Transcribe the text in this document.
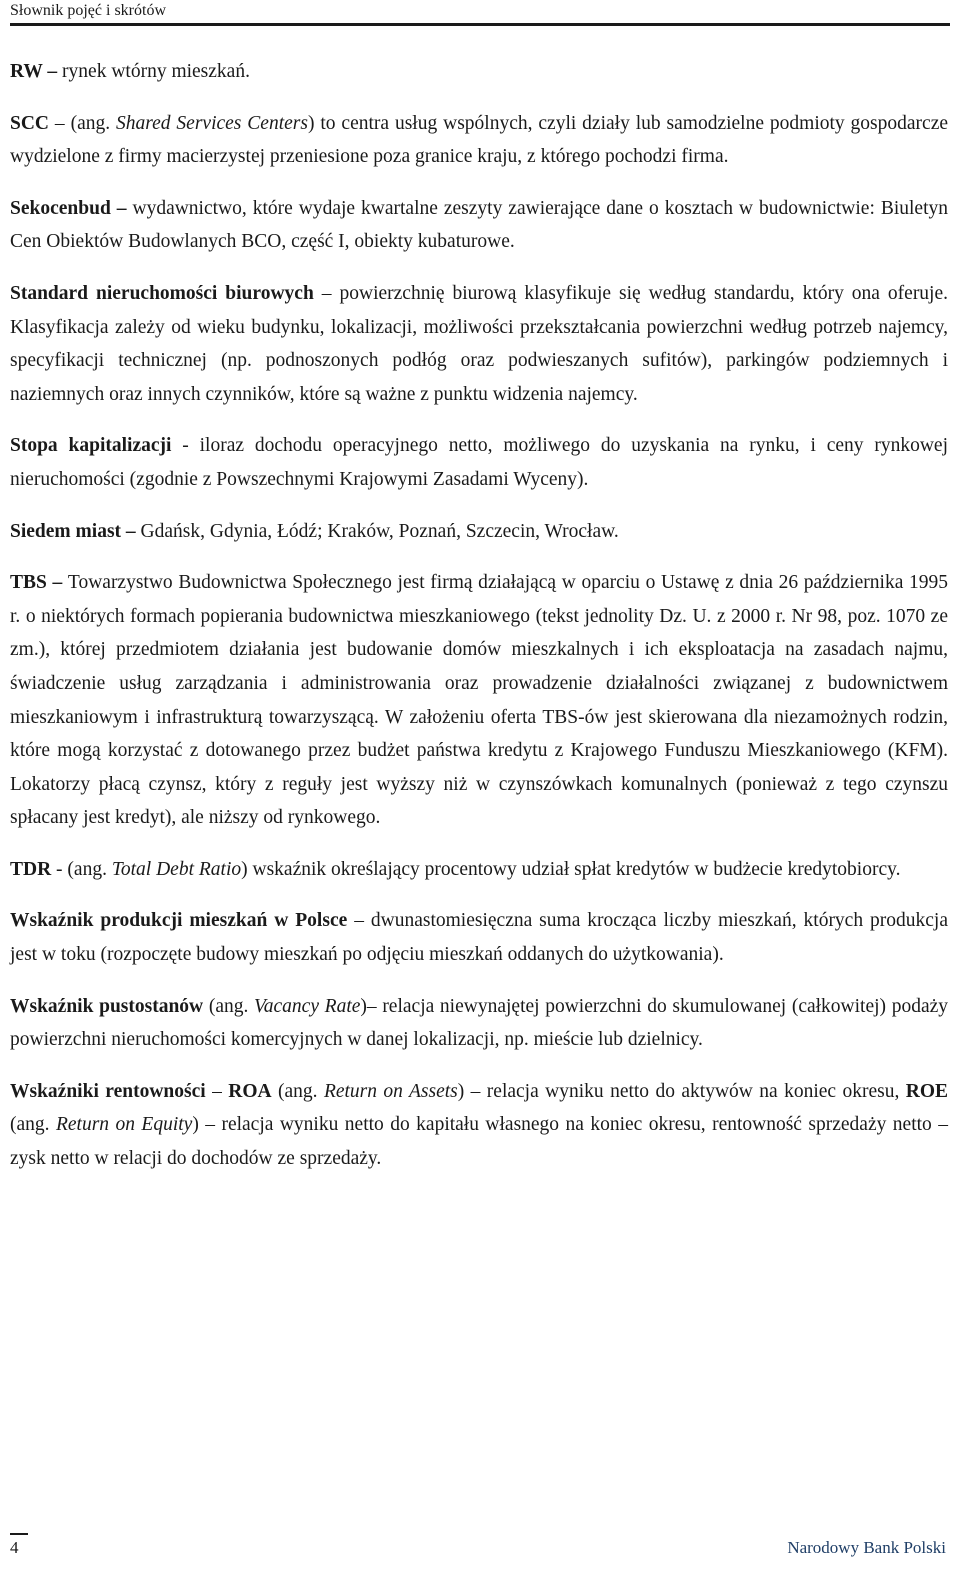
Słownik pojęć i skrótów

RW – rynek wtórny mieszkań.

SCC – (ang. Shared Services Centers) to centra usług wspólnych, czyli działy lub samodzielne podmioty gospodarcze wydzielone z firmy macierzystej przeniesione poza granice kraju, z którego pochodzi firma.

Sekocenbud – wydawnictwo, które wydaje kwartalne zeszyty zawierające dane o kosztach w budownictwie: Biuletyn Cen Obiektów Budowlanych BCO, część I, obiekty kubaturowe.

Standard nieruchomości biurowych – powierzchnię biurową klasyfikuje się według standardu, który ona oferuje. Klasyfikacja zależy od wieku budynku, lokalizacji, możliwości przekształcania powierzchni według potrzeb najemcy, specyfikacji technicznej (np. podnoszonych podłóg oraz podwieszanych sufitów), parkingów podziemnych i naziemnych oraz innych czynników, które są ważne z punktu widzenia najemcy.

Stopa kapitalizacji - iloraz dochodu operacyjnego netto, możliwego do uzyskania na rynku, i ceny rynkowej nieruchomości (zgodnie z Powszechnymi Krajowymi Zasadami Wyceny).

Siedem miast – Gdańsk, Gdynia, Łódź; Kraków, Poznań, Szczecin, Wrocław.

TBS – Towarzystwo Budownictwa Społecznego jest firmą działającą w oparciu o Ustawę z dnia 26 października 1995 r. o niektórych formach popierania budownictwa mieszkaniowego (tekst jednolity Dz. U. z 2000 r. Nr 98, poz. 1070 ze zm.), której przedmiotem działania jest budowanie domów mieszkalnych i ich eksploatacja na zasadach najmu, świadczenie usług zarządzania i administrowania oraz prowadzenie działalności związanej z budownictwem mieszkaniowym i infrastrukturą towarzyszącą. W założeniu oferta TBS-ów jest skierowana dla niezamożnych rodzin, które mogą korzystać z dotowanego przez budżet państwa kredytu z Krajowego Funduszu Mieszkaniowego (KFM). Lokatorzy płacą czynsz, który z reguły jest wyższy niż w czynszówkach komunalnych (ponieważ z tego czynszu spłacany jest kredyt), ale niższy od rynkowego.

TDR - (ang. Total Debt Ratio) wskaźnik określający procentowy udział spłat kredytów w budżecie kredytobiorcy.

Wskaźnik produkcji mieszkań w Polsce – dwunastomiesięczna suma krocząca liczby mieszkań, których produkcja jest w toku (rozpoczęte budowy mieszkań po odjęciu mieszkań oddanych do użytkowania).

Wskaźnik pustostanów (ang. Vacancy Rate)– relacja niewynajętej powierzchni do skumulowanej (całkowitej) podaży powierzchni nieruchomości komercyjnych w danej lokalizacji, np. mieście lub dzielnicy.

Wskaźniki rentowności – ROA (ang. Return on Assets) – relacja wyniku netto do aktywów na koniec okresu, ROE (ang. Return on Equity) – relacja wyniku netto do kapitału własnego na koniec okresu, rentowność sprzedaży netto – zysk netto w relacji do dochodów ze sprzedaży.

4	Narodowy Bank Polski
